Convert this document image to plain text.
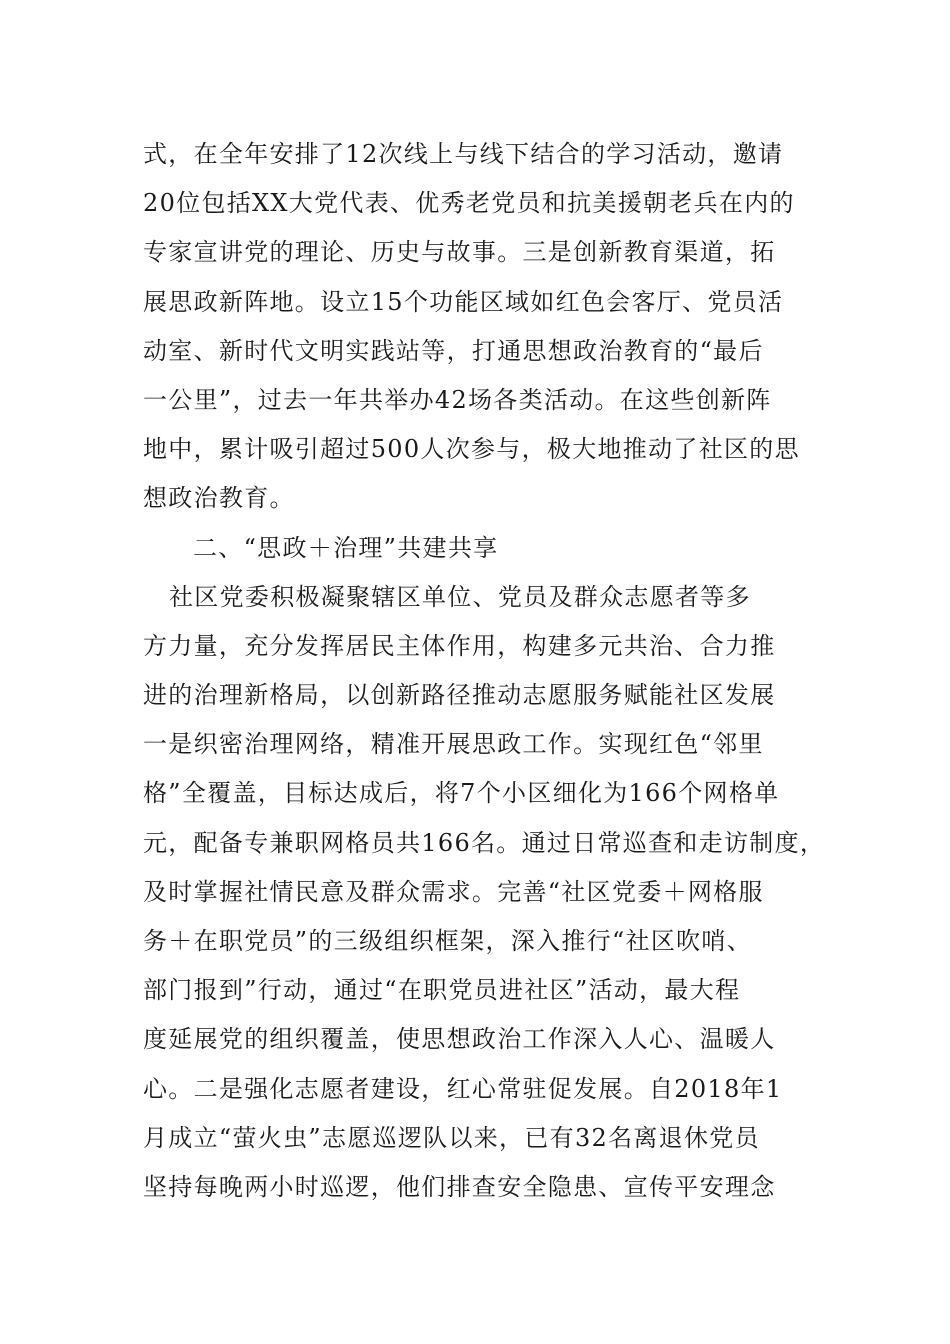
式，在全年安排了12次线上与线下结合的学习活动，邀请
20位包括XX大党代表、优秀老党员和抗美援朝老兵在内的
专家宣讲党的理论、历史与故事。三是创新教育渠道，拓
展思政新阵地。设立15个功能区域如红色会客厅、党员活
动室、新时代文明实践站等，打通思想政治教育的“最后
一公里”，过去一年共举办42场各类活动。在这些创新阵
地中，累计吸引超过500人次参与，极大地推动了社区的思
想政治教育。
二、“思政＋治理”共建共享
社区党委积极凝聚辖区单位、党员及群众志愿者等多
方力量，充分发挥居民主体作用，构建多元共治、合力推
进的治理新格局，以创新路径推动志愿服务赋能社区发展
一是织密治理网络，精准开展思政工作。实现红色“邻里
格”全覆盖，目标达成后，将7个小区细化为166个网格单
元，配备专兼职网格员共166名。通过日常巡查和走访制度，
及时掌握社情民意及群众需求。完善“社区党委＋网格服
务＋在职党员”的三级组织框架，深入推行“社区吹哨、
部门报到”行动，通过“在职党员进社区”活动，最大程
度延展党的组织覆盖，使思想政治工作深入人心、温暖人
心。二是强化志愿者建设，红心常驻促发展。自2018年1
月成立“萤火虫”志愿巡逻队以来，已有32名离退休党员
坚持每晚两小时巡逻，他们排查安全隐患、宣传平安理念
